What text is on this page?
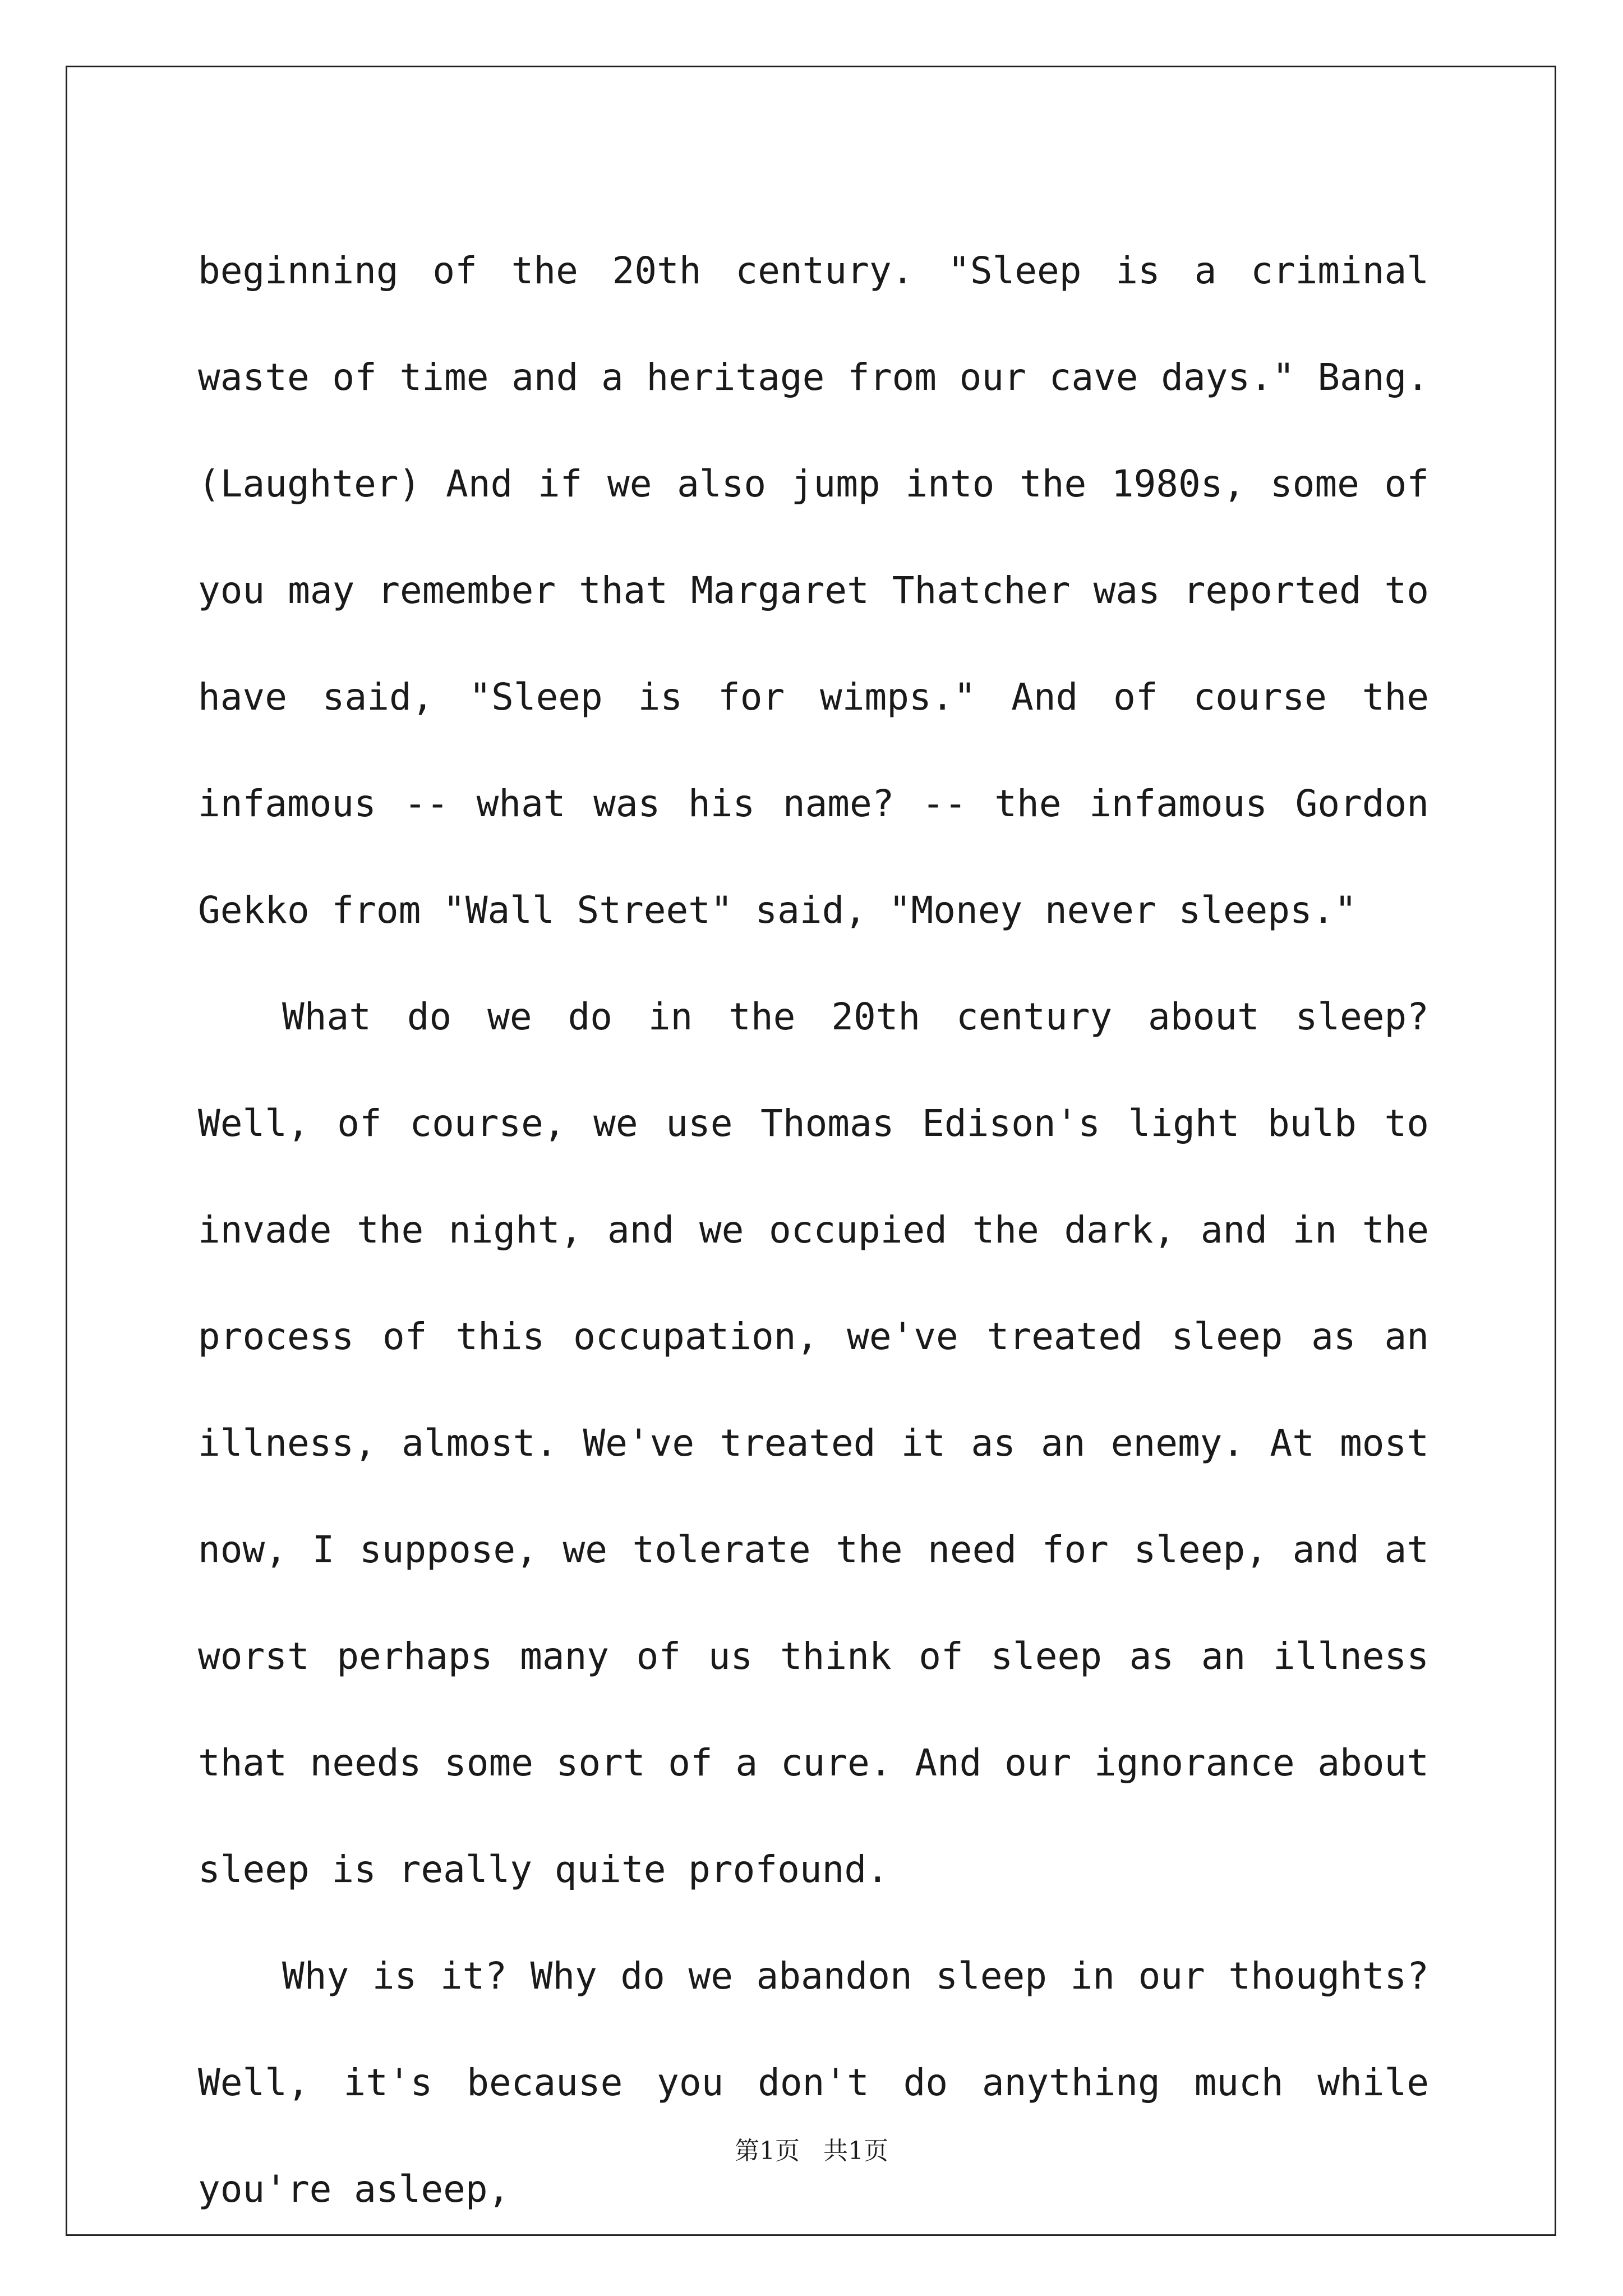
beginning of the 20th century. "Sleep is a criminal waste of time and a heritage from our cave days." Bang. (Laughter) And if we also jump into the 1980s, some of you may remember that Margaret Thatcher was reported to have said, "Sleep is for wimps." And of course the infamous -- what was his name? -- the infamous Gordon Gekko from "Wall Street" said, "Money never sleeps."

What do we do in the 20th century about sleep? Well, of course, we use Thomas Edison's light bulb to invade the night, and we occupied the dark, and in the process of this occupation, we've treated sleep as an illness, almost. We've treated it as an enemy. At most now, I suppose, we tolerate the need for sleep, and at worst perhaps many of us think of sleep as an illness that needs some sort of a cure. And our ignorance about sleep is really quite profound.

Why is it? Why do we abandon sleep in our thoughts? Well, it's because you don't do anything much while you're asleep,

第1页   共1页
